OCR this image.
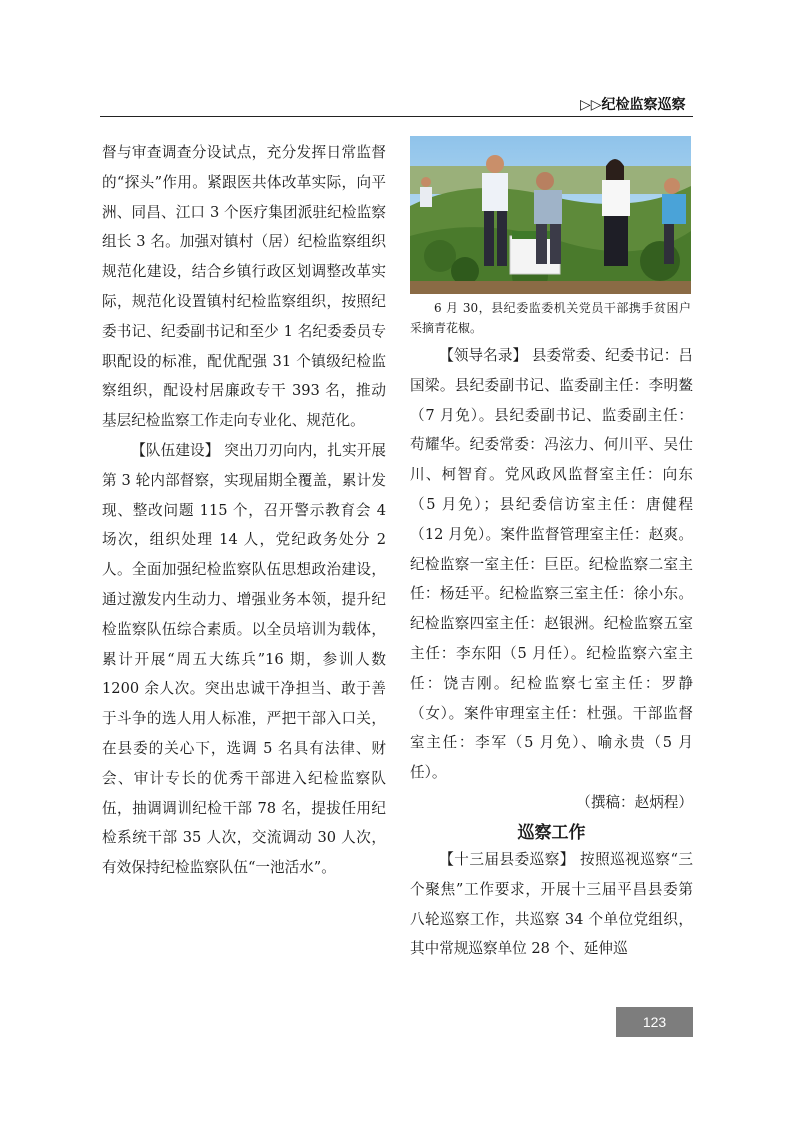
▷▷纪检监察巡察

督与审查调查分设试点，充分发挥日常监督的“探头”作用。紧跟医共体改革实际，向平洲、同昌、江口 3 个医疗集团派驻纪检监察组长 3 名。加强对镇村（居）纪检监察组织规范化建设，结合乡镇行政区划调整改革实际，规范化设置镇村纪检监察组织，按照纪委书记、纪委副书记和至少 1 名纪委委员专职配设的标准，配优配强 31 个镇级纪检监察组织，配设村居廉政专干 393 名，推动基层纪检监察工作走向专业化、规范化。

【队伍建设】 突出刀刃向内，扎实开展第 3 轮内部督察，实现届期全覆盖，累计发现、整改问题 115 个，召开警示教育会 4 场次，组织处理 14 人，党纪政务处分 2 人。全面加强纪检监察队伍思想政治建设，通过激发内生动力、增强业务本领，提升纪检监察队伍综合素质。以全员培训为载体，累计开展“周五大练兵”16 期，参训人数 1200 余人次。突出忠诚干净担当、敢于善于斗争的选人用人标准，严把干部入口关，在县委的关心下，选调 5 名具有法律、财会、审计专长的优秀干部进入纪检监察队伍，抽调调训纪检干部 78 名，提拔任用纪检系统干部 35 人次，交流调动 30 人次，有效保持纪检监察队伍“一池活水”。

6 月 30，县纪委监委机关党员干部携手贫困户采摘青花椒。

【领导名录】 县委常委、纪委书记：吕国梁。县纪委副书记、监委副主任：李明鳌（7 月免）。县纪委副书记、监委副主任：苟耀华。纪委常委：冯泫力、何川平、吴仕川、柯智育。党风政风监督室主任：向东（5 月免）；县纪委信访室主任：唐健程（12 月免）。案件监督管理室主任：赵爽。纪检监察一室主任：巨臣。纪检监察二室主任：杨廷平。纪检监察三室主任：徐小东。纪检监察四室主任：赵银洲。纪检监察五室主任：李东阳（5 月任）。纪检监察六室主任：饶吉刚。纪检监察七室主任：罗静（女）。案件审理室主任：杜强。干部监督室主任：李军（5 月免）、喻永贵（5 月任）。

（撰稿：赵炳程）

巡察工作

【十三届县委巡察】 按照巡视巡察“三个聚焦”工作要求，开展十三届平昌县委第八轮巡察工作，共巡察 34 个单位党组织，其中常规巡察单位 28 个、延伸巡

123
